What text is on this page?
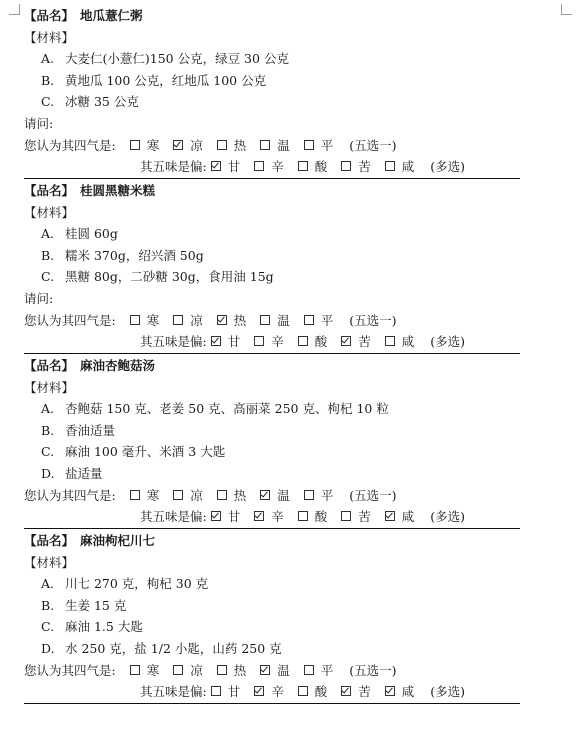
【品名】 地瓜薏仁粥
【材料】
A. 大麦仁(小薏仁)150 公克，绿豆 30 公克
B. 黄地瓜 100 公克，红地瓜 100 公克
C. 冰糖 35 公克
请问:
您认为其四气是: 寒 凉 热 温 平 (五选一)
其五味是偏: 甘 辛 酸 苦 咸 (多选)
【品名】 桂圆黑糖米糕
【材料】
A. 桂圆 60g
B. 糯米 370g，绍兴酒 50g
C. 黑糖 80g，二砂糖 30g，食用油 15g
请问:
您认为其四气是: 寒 凉 热 温 平 (五选一)
其五味是偏: 甘 辛 酸 苦 咸 (多选)
【品名】 麻油杏鲍菇汤
【材料】
A. 杏鲍菇 150 克、老姜 50 克、高丽菜 250 克、枸杞 10 粒
B. 香油适量
C. 麻油 100 毫升、米酒 3 大匙
D. 盐适量
您认为其四气是: 寒 凉 热 温 平 (五选一)
其五味是偏: 甘 辛 酸 苦 咸 (多选)
【品名】 麻油枸杞川七
【材料】
A. 川七 270 克，枸杞 30 克
B. 生姜 15 克
C. 麻油 1.5 大匙
D. 水 250 克，盐 1/2 小匙，山药 250 克
您认为其四气是: 寒 凉 热 温 平 (五选一)
其五味是偏: 甘 辛 酸 苦 咸 (多选)
